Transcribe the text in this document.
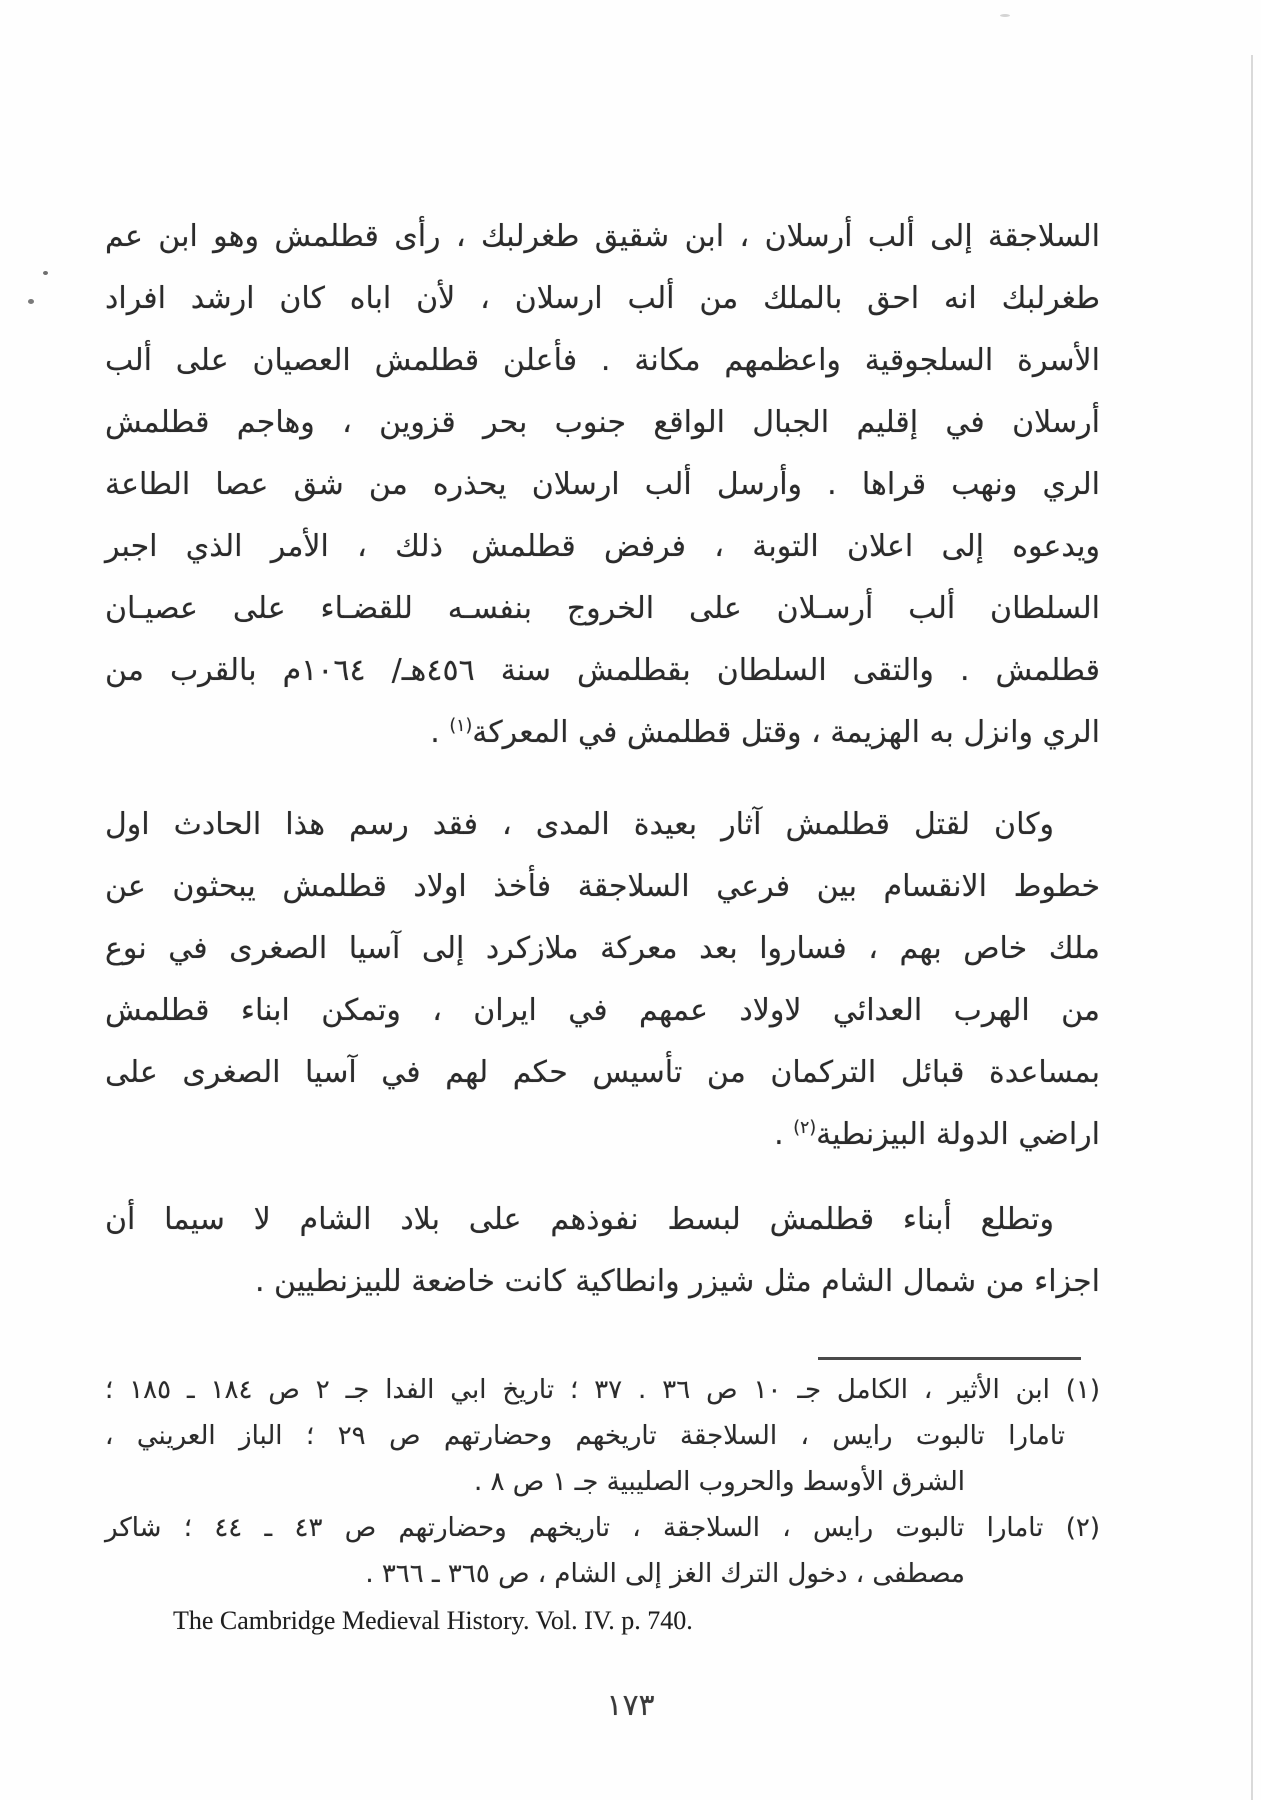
السلاجقة إلى ألب أرسلان ، ابن شقيق طغرلبك ، رأى قطلمش وهو ابن عم
طغرلبك انه احق بالملك من ألب ارسلان ، لأن اباه كان ارشد افراد
الأسرة السلجوقية واعظمهم مكانة . فأعلن قطلمش العصيان على ألب
أرسلان في إقليم الجبال الواقع جنوب بحر قزوين ، وهاجم قطلمش
الري ونهب قراها . وأرسل ألب ارسلان يحذره من شق عصا الطاعة
ويدعوه إلى اعلان التوبة ، فرفض قطلمش ذلك ، الأمر الذي اجبر
السلطان ألب أرسـلان على الخروج بنفسـه للقضـاء على عصيـان
قطلمش . والتقى السلطان بقطلمش سنة ٤٥٦هـ/ ١٠٦٤م بالقرب من
الري وانزل به الهزيمة ، وقتل قطلمش في المعركة$^{(١)}$ .
وكان لقتل قطلمش آثار بعيدة المدى ، فقد رسم هذا الحادث اول
خطوط الانقسام بين فرعي السلاجقة فأخذ اولاد قطلمش يبحثون عن
ملك خاص بهم ، فساروا بعد معركة ملازكرد إلى آسيا الصغرى في نوع
من الهرب العدائي لاولاد عمهم في ايران ، وتمكن ابناء قطلمش
بمساعدة قبائل التركمان من تأسيس حكم لهم في آسيا الصغرى على
اراضي الدولة البيزنطية$^{(٢)}$ .
وتطلع أبناء قطلمش لبسط نفوذهم على بلاد الشام لا سيما أن
اجزاء من شمال الشام مثل شيزر وانطاكية كانت خاضعة للبيزنطيين .
(١) ابن الأثير ، الكامل جـ ١٠ ص ٣٦ . ٣٧ ؛ تاريخ ابي الفدا جـ ٢ ص ١٨٤ ـ ١٨٥ ؛
تامارا تالبوت رايس ، السلاجقة تاريخهم وحضارتهم ص ٢٩ ؛ الباز العريني ،
الشرق الأوسط والحروب الصليبية جـ ١ ص ٨ .
(٢) تامارا تالبوت رايس ، السلاجقة ، تاريخهم وحضارتهم ص ٤٣ ـ ٤٤ ؛ شاكر
مصطفى ، دخول الترك الغز إلى الشام ، ص ٣٦٥ ـ ٣٦٦ .
The Cambridge Medieval History. Vol. IV. p. 740.
١٧٣
